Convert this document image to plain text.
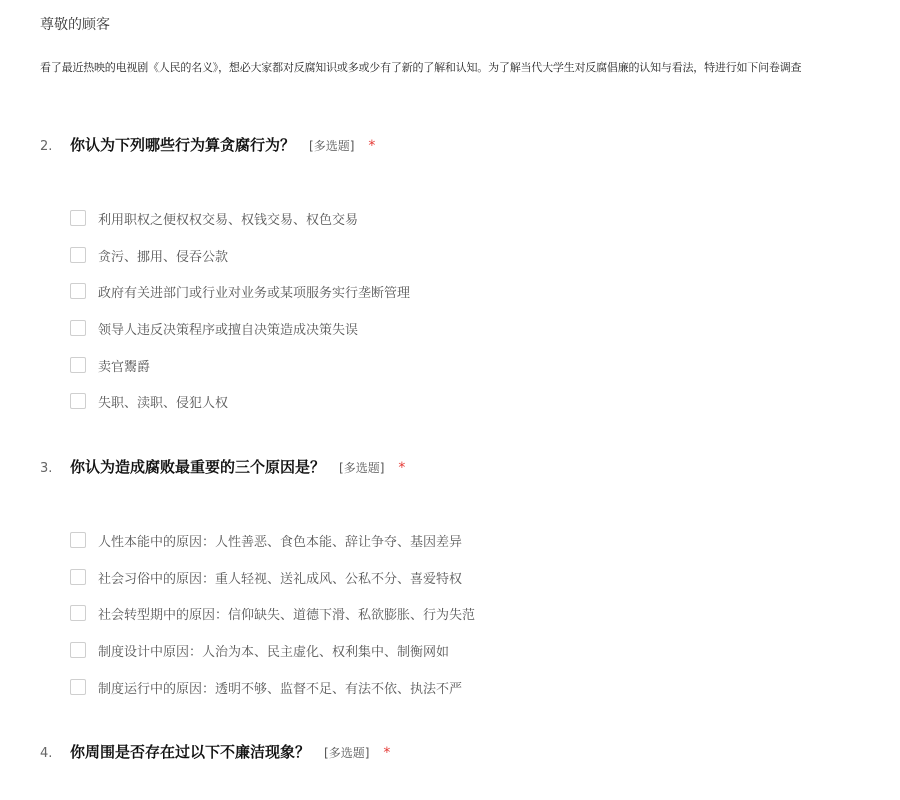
尊敬的顾客
看了最近热映的电视剧《人民的名义》，想必大家都对反腐知识或多或少有了新的了解和认知。为了解当代大学生对反腐倡廉的认知与看法，特进行如下问卷调查
2.	你认为下列哪些行为算贪腐行为？ [多选题] *
利用职权之便权权交易、权钱交易、权色交易
贪污、挪用、侵吞公款
政府有关进部门或行业对业务或某项服务实行垄断管理
领导人违反决策程序或擅自决策造成决策失误
卖官鬻爵
失职、渎职、侵犯人权
3.	你认为造成腐败最重要的三个原因是？ [多选题] *
人性本能中的原因：人性善恶、食色本能、辞让争夺、基因差异
社会习俗中的原因：重人轻视、送礼成风、公私不分、喜爱特权
社会转型期中的原因：信仰缺失、道德下滑、私欲膨胀、行为失范
制度设计中原因：人治为本、民主虚化、权利集中、制衡网如
制度运行中的原因：透明不够、监督不足、有法不依、执法不严
4.	你周围是否存在过以下不廉洁现象？ [多选题] *
